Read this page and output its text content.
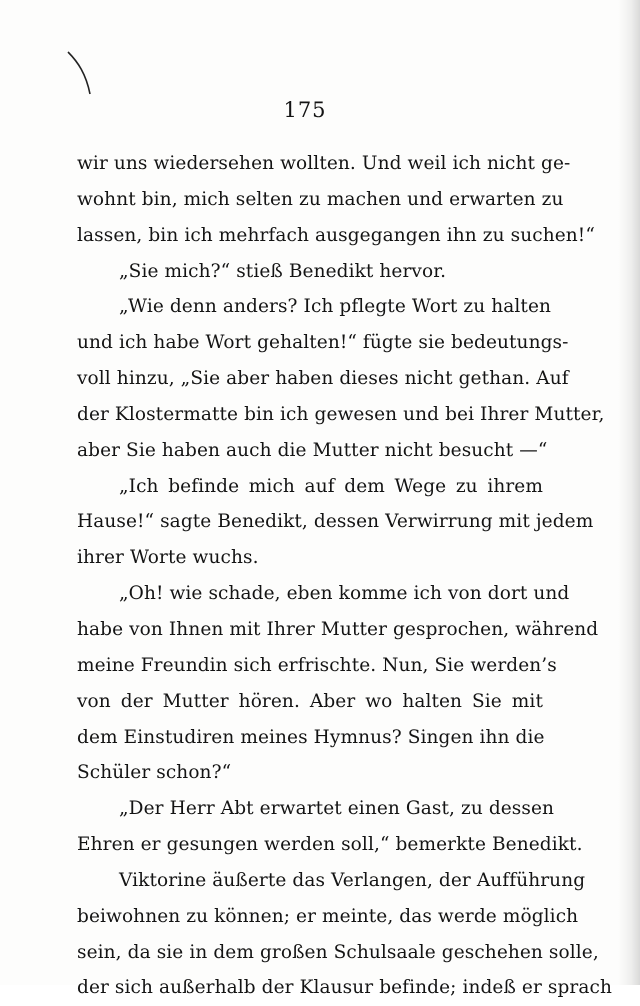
175
wir uns wiedersehen wollten. Und weil ich nicht ge-
wohnt bin, mich selten zu machen und erwarten zu
lassen, bin ich mehrfach ausgegangen ihn zu suchen!“
„Sie mich?“ stieß Benedikt hervor.
„Wie denn anders? Ich pflegte Wort zu halten
und ich habe Wort gehalten!“ fügte sie bedeutungs-
voll hinzu, „Sie aber haben dieses nicht gethan. Auf
der Klostermatte bin ich gewesen und bei Ihrer Mutter,
aber Sie haben auch die Mutter nicht besucht —“
„Ich befinde mich auf dem Wege zu ihrem
Hause!“ sagte Benedikt, dessen Verwirrung mit jedem
ihrer Worte wuchs.
„Oh! wie schade, eben komme ich von dort und
habe von Ihnen mit Ihrer Mutter gesprochen, während
meine Freundin sich erfrischte. Nun, Sie werden’s
von der Mutter hören. Aber wo halten Sie mit
dem Einstudiren meines Hymnus? Singen ihn die
Schüler schon?“
„Der Herr Abt erwartet einen Gast, zu dessen
Ehren er gesungen werden soll,“ bemerkte Benedikt.
Viktorine äußerte das Verlangen, der Aufführung
beiwohnen zu können; er meinte, das werde möglich
sein, da sie in dem großen Schulsaale geschehen solle,
der sich außerhalb der Klausur befinde; indeß er sprach
